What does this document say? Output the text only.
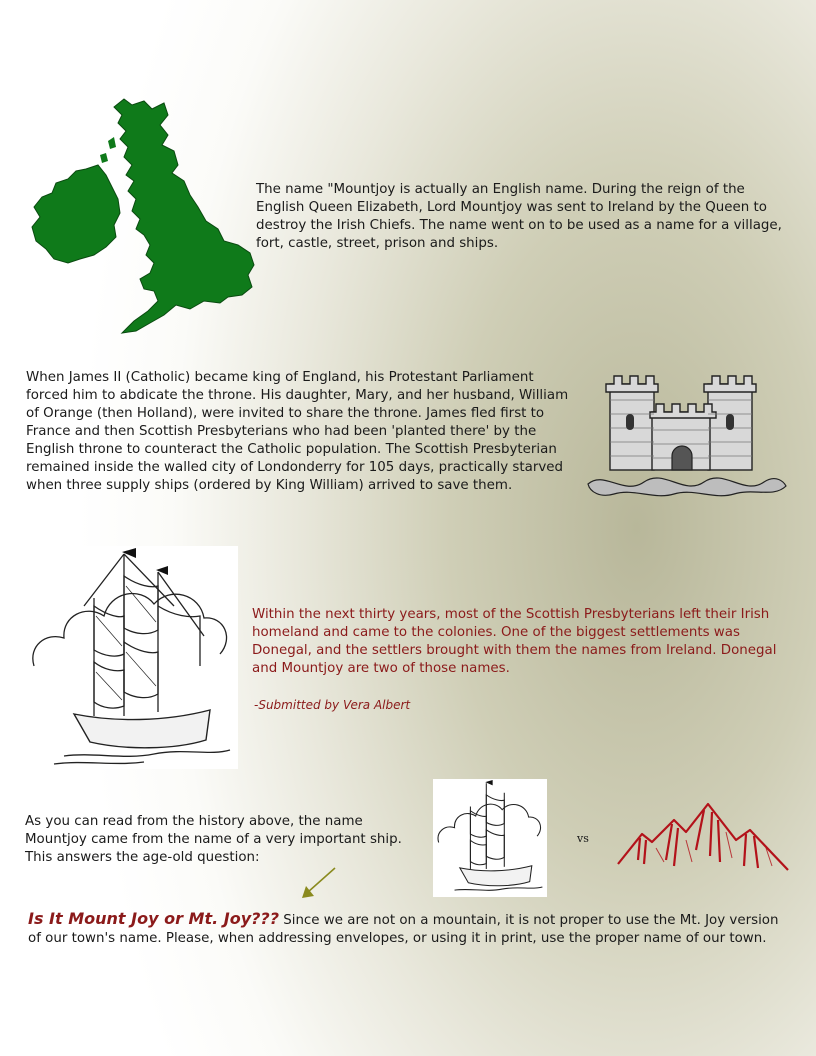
The name "Mountjoy is actually an English name. During the reign of the English Queen Elizabeth, Lord Mountjoy was sent to Ireland by the Queen to destroy the Irish Chiefs. The name went on to be used as a name for a village, fort, castle, street, prison and ships.
When James II (Catholic) became king of England, his Protestant Parliament forced him to abdicate the throne. His daughter, Mary, and her husband, William of Orange (then Holland), were invited to share the throne. James fled first to France and then Scottish Presbyterians who had been 'planted there' by the English throne to counteract the Catholic population. The Scottish Presbyterian remained inside the walled city of Londonderry for 105 days, practically starved when three supply ships (ordered by King William) arrived to save them.
Within the next thirty years, most of the Scottish Presbyterians left their Irish homeland and came to the colonies. One of the biggest settlements was Donegal, and the settlers brought with them the names from Ireland. Donegal and Mountjoy are two of those names.
-Submitted by Vera Albert
As you can read from the history above, the name Mountjoy came from the name of a very important ship. This answers the age-old question:
vs
Is It Mount Joy or Mt. Joy??? Since we are not on a mountain, it is not proper to use the Mt. Joy version of our town's name. Please, when addressing envelopes, or using it in print, use the proper name of our town.
